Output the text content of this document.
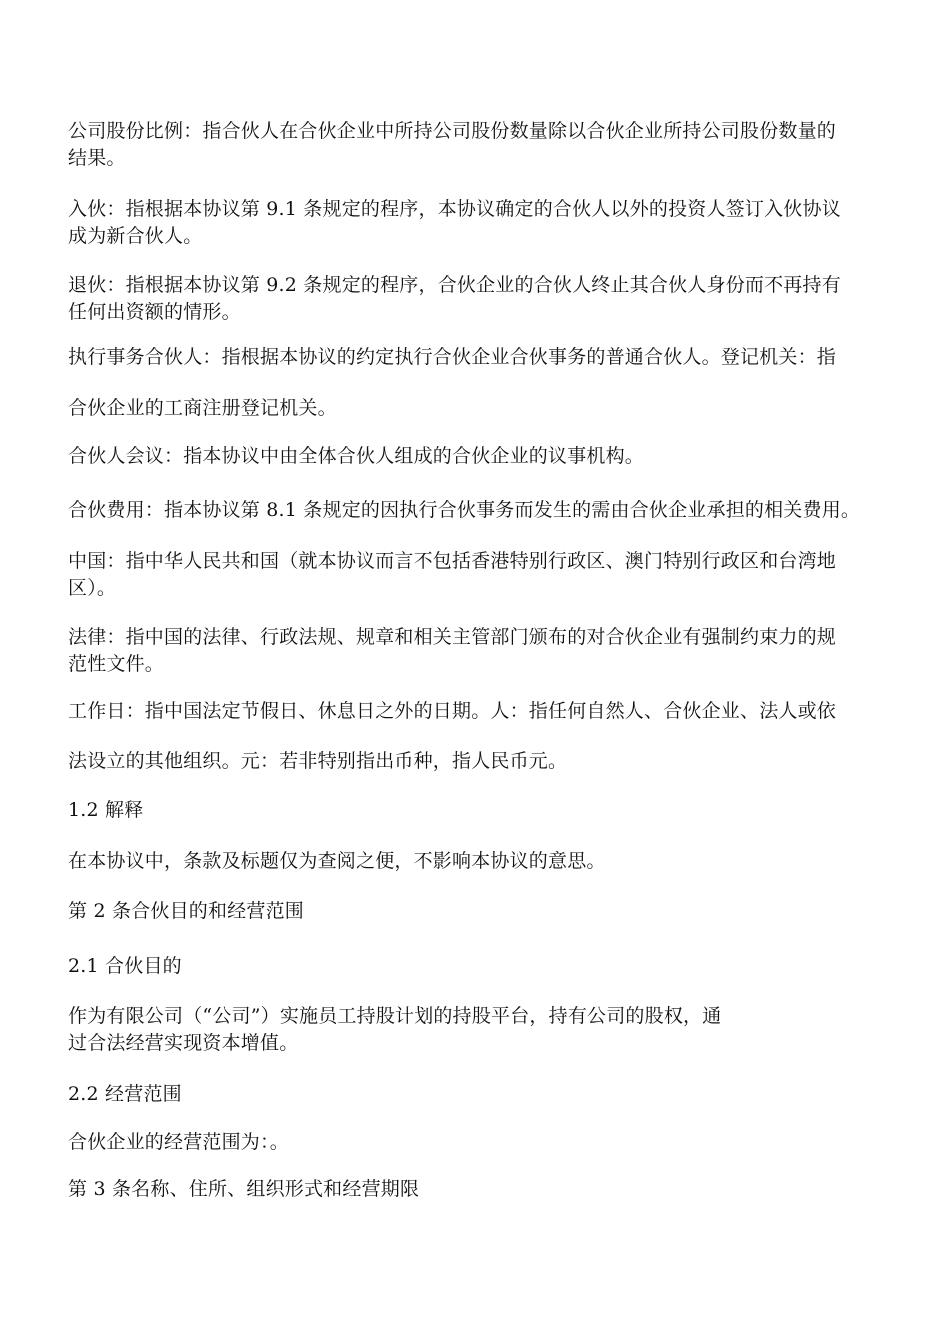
公司股份比例：指合伙人在合伙企业中所持公司股份数量除以合伙企业所持公司股份数量的

结果。

入伙：指根据本协议第 9.1 条规定的程序，本协议确定的合伙人以外的投资人签订入伙协议

成为新合伙人。

退伙：指根据本协议第 9.2 条规定的程序，合伙企业的合伙人终止其合伙人身份而不再持有

任何出资额的情形。

执行事务合伙人：指根据本协议的约定执行合伙企业合伙事务的普通合伙人。登记机关：指

合伙企业的工商注册登记机关。

合伙人会议：指本协议中由全体合伙人组成的合伙企业的议事机构。

合伙费用：指本协议第 8.1 条规定的因执行合伙事务而发生的需由合伙企业承担的相关费用。

中国：指中华人民共和国（就本协议而言不包括香港特别行政区、澳门特别行政区和台湾地

区）。

法律：指中国的法律、行政法规、规章和相关主管部门颁布的对合伙企业有强制约束力的规

范性文件。

工作日：指中国法定节假日、休息日之外的日期。人：指任何自然人、合伙企业、法人或依

法设立的其他组织。元：若非特别指出币种，指人民币元。

1.2 解释

在本协议中，条款及标题仅为查阅之便，不影响本协议的意思。

第 2 条合伙目的和经营范围

2.1 合伙目的

作为有限公司（“公司”）实施员工持股计划的持股平台，持有公司的股权，通

过合法经营实现资本增值。

2.2 经营范围

合伙企业的经营范围为：。

第 3 条名称、住所、组织形式和经营期限
